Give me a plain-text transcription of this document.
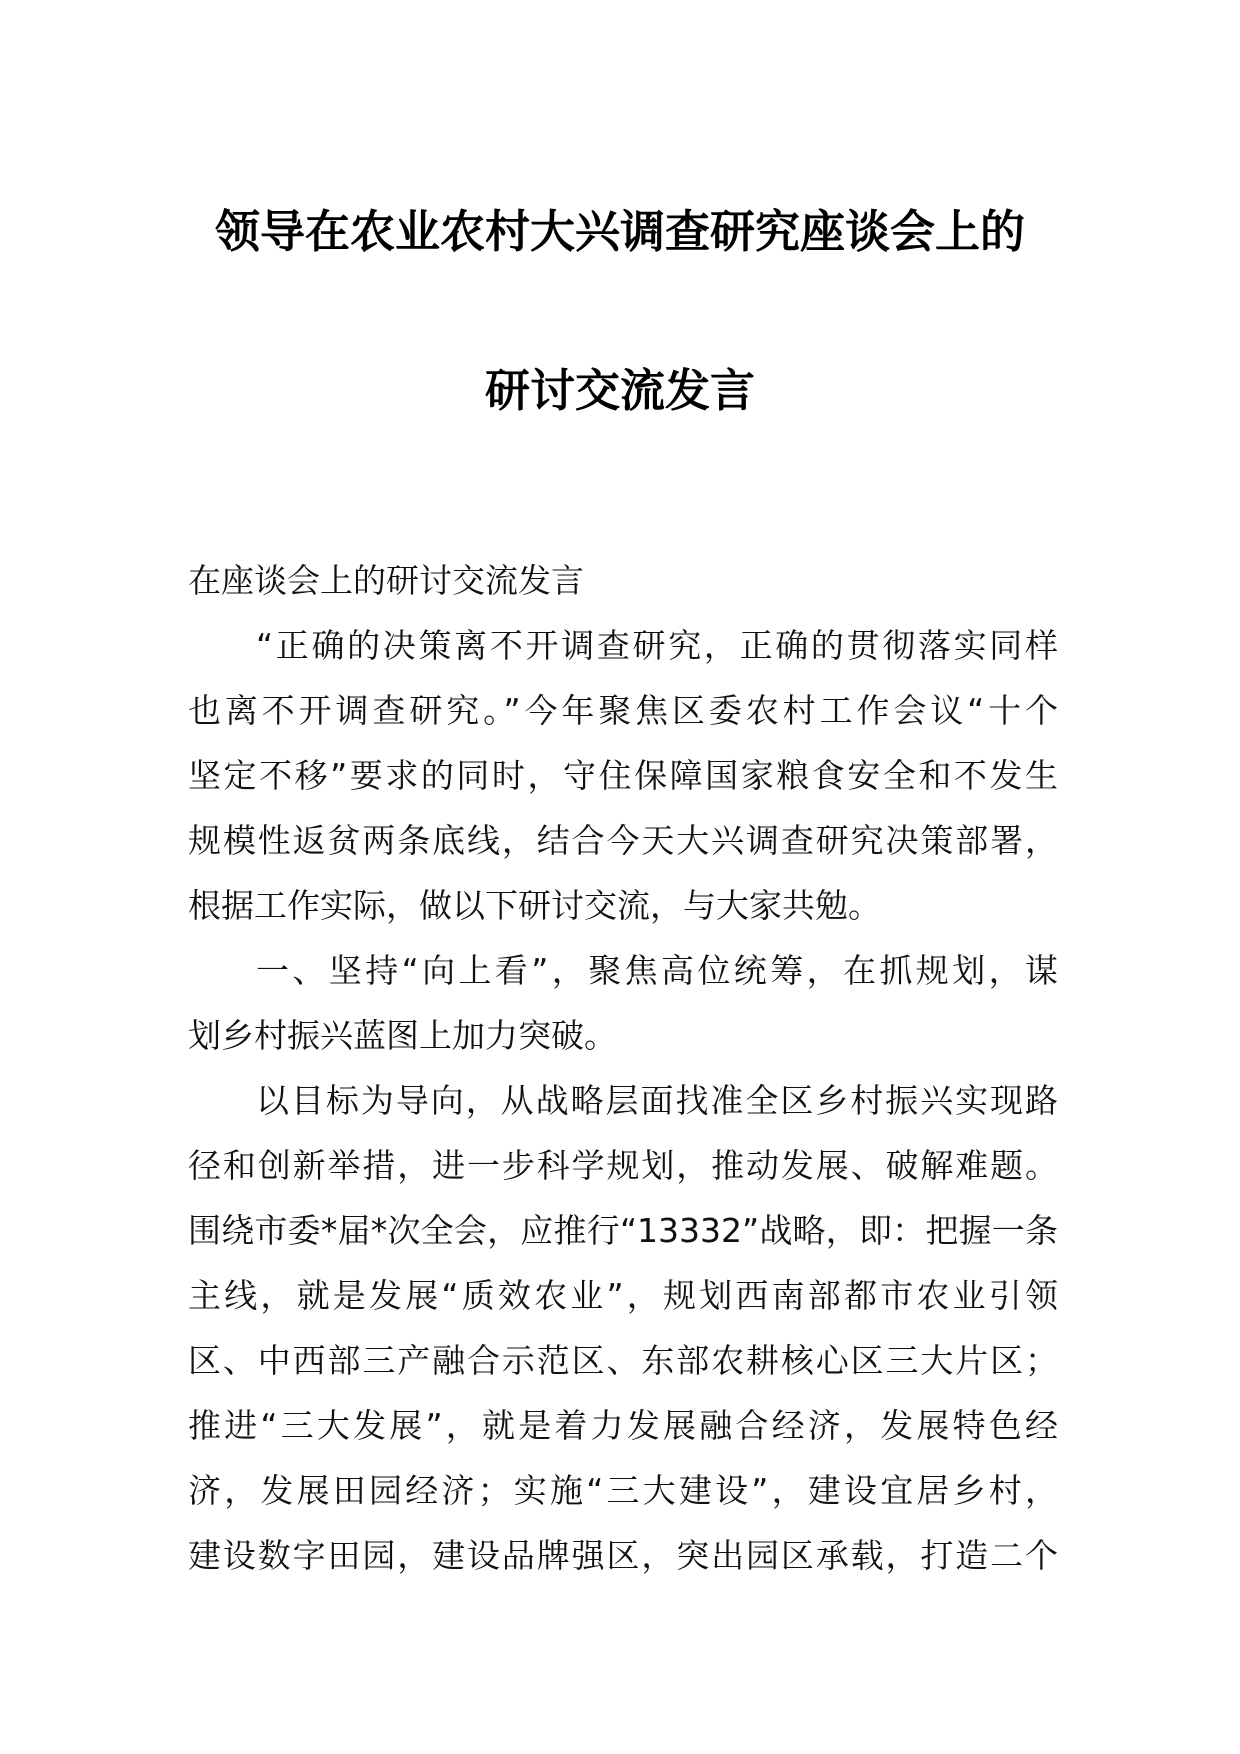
领导在农业农村大兴调查研究座谈会上的
研讨交流发言
在座谈会上的研讨交流发言
“正确的决策离不开调查研究，正确的贯彻落实同样
也离不开调查研究。”今年聚焦区委农村工作会议“十个
坚定不移”要求的同时，守住保障国家粮食安全和不发生
规模性返贫两条底线，结合今天大兴调查研究决策部署，
根据工作实际，做以下研讨交流，与大家共勉。
一、坚持“向上看”，聚焦高位统筹，在抓规划，谋
划乡村振兴蓝图上加力突破。
以目标为导向，从战略层面找准全区乡村振兴实现路
径和创新举措，进一步科学规划，推动发展、破解难题。
围绕市委*届*次全会，应推行“13332”战略，即：把握一条
主线，就是发展“质效农业”，规划西南部都市农业引领
区、中西部三产融合示范区、东部农耕核心区三大片区；
推进“三大发展”，就是着力发展融合经济，发展特色经
济，发展田园经济；实施“三大建设”，建设宜居乡村，
建设数字田园，建设品牌强区，突出园区承载，打造二个
